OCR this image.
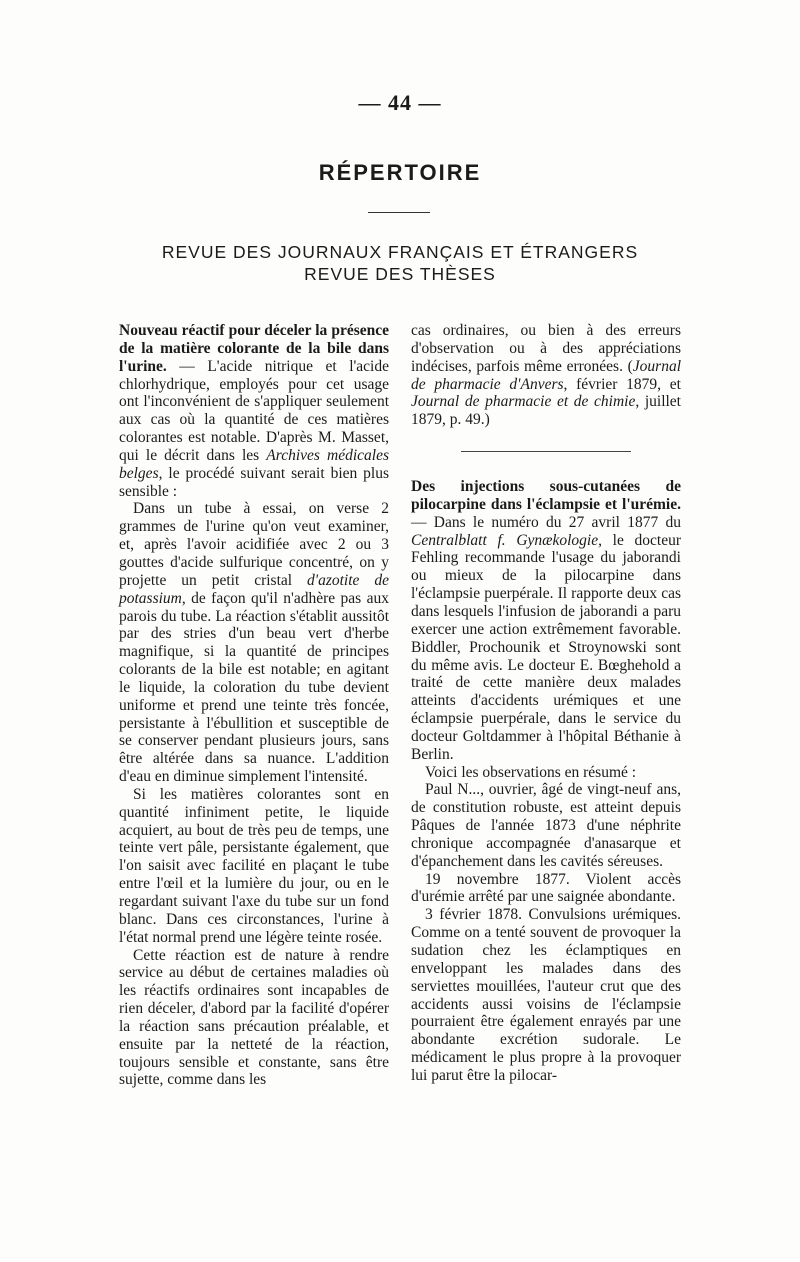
— 44 —
RÉPERTOIRE
REVUE DES JOURNAUX FRANÇAIS ET ÉTRANGERS
REVUE DES THÈSES

Nouveau réactif pour déceler la présence de la matière colorante de la bile dans l'urine. — L'acide nitrique et l'acide chlorhydrique, employés pour cet usage ont l'inconvénient de s'appliquer seulement aux cas où la quantité de ces matières colorantes est notable. D'après M. Masset, qui le décrit dans les Archives médicales belges, le procédé suivant serait bien plus sensible :

Dans un tube à essai, on verse 2 grammes de l'urine qu'on veut examiner, et, après l'avoir acidifiée avec 2 ou 3 gouttes d'acide sulfurique concentré, on y projette un petit cristal d'azotite de potassium, de façon qu'il n'adhère pas aux parois du tube. La réaction s'établit aussitôt par des stries d'un beau vert d'herbe magnifique, si la quantité de principes colorants de la bile est notable; en agitant le liquide, la coloration du tube devient uniforme et prend une teinte très foncée, persistante à l'ébullition et susceptible de se conserver pendant plusieurs jours, sans être altérée dans sa nuance. L'addition d'eau en diminue simplement l'intensité.

Si les matières colorantes sont en quantité infiniment petite, le liquide acquiert, au bout de très peu de temps, une teinte vert pâle, persistante également, que l'on saisit avec facilité en plaçant le tube entre l'œil et la lumière du jour, ou en le regardant suivant l'axe du tube sur un fond blanc. Dans ces circonstances, l'urine à l'état normal prend une légère teinte rosée.

Cette réaction est de nature à rendre service au début de certaines maladies où les réactifs ordinaires sont incapables de rien déceler, d'abord par la facilité d'opérer la réaction sans précaution préalable, et ensuite par la netteté de la réaction, toujours sensible et constante, sans être sujette, comme dans les

cas ordinaires, ou bien à des erreurs d'observation ou à des appréciations indécises, parfois même erronées. (Journal de pharmacie d'Anvers, février 1879, et Journal de pharmacie et de chimie, juillet 1879, p. 49.)

Des injections sous-cutanées de pilocarpine dans l'éclampsie et l'urémie. — Dans le numéro du 27 avril 1877 du Centralblatt f. Gynækologie, le docteur Fehling recommande l'usage du jaborandi ou mieux de la pilocarpine dans l'éclampsie puerpérale. Il rapporte deux cas dans lesquels l'infusion de jaborandi a paru exercer une action extrêmement favorable. Biddler, Prochounik et Stroynowski sont du même avis. Le docteur E. Bœghehold a traité de cette manière deux malades atteints d'accidents urémiques et une éclampsie puerpérale, dans le service du docteur Goltdammer à l'hôpital Béthanie à Berlin.

Voici les observations en résumé :

Paul N..., ouvrier, âgé de vingt-neuf ans, de constitution robuste, est atteint depuis Pâques de l'année 1873 d'une néphrite chronique accompagnée d'anasarque et d'épanchement dans les cavités séreuses.

19 novembre 1877. Violent accès d'urémie arrêté par une saignée abondante.

3 février 1878. Convulsions urémiques. Comme on a tenté souvent de provoquer la sudation chez les éclamptiques en enveloppant les malades dans des serviettes mouillées, l'auteur crut que des accidents aussi voisins de l'éclampsie pourraient être également enrayés par une abondante excrétion sudorale. Le médicament le plus propre à la provoquer lui parut être la pilocar-
